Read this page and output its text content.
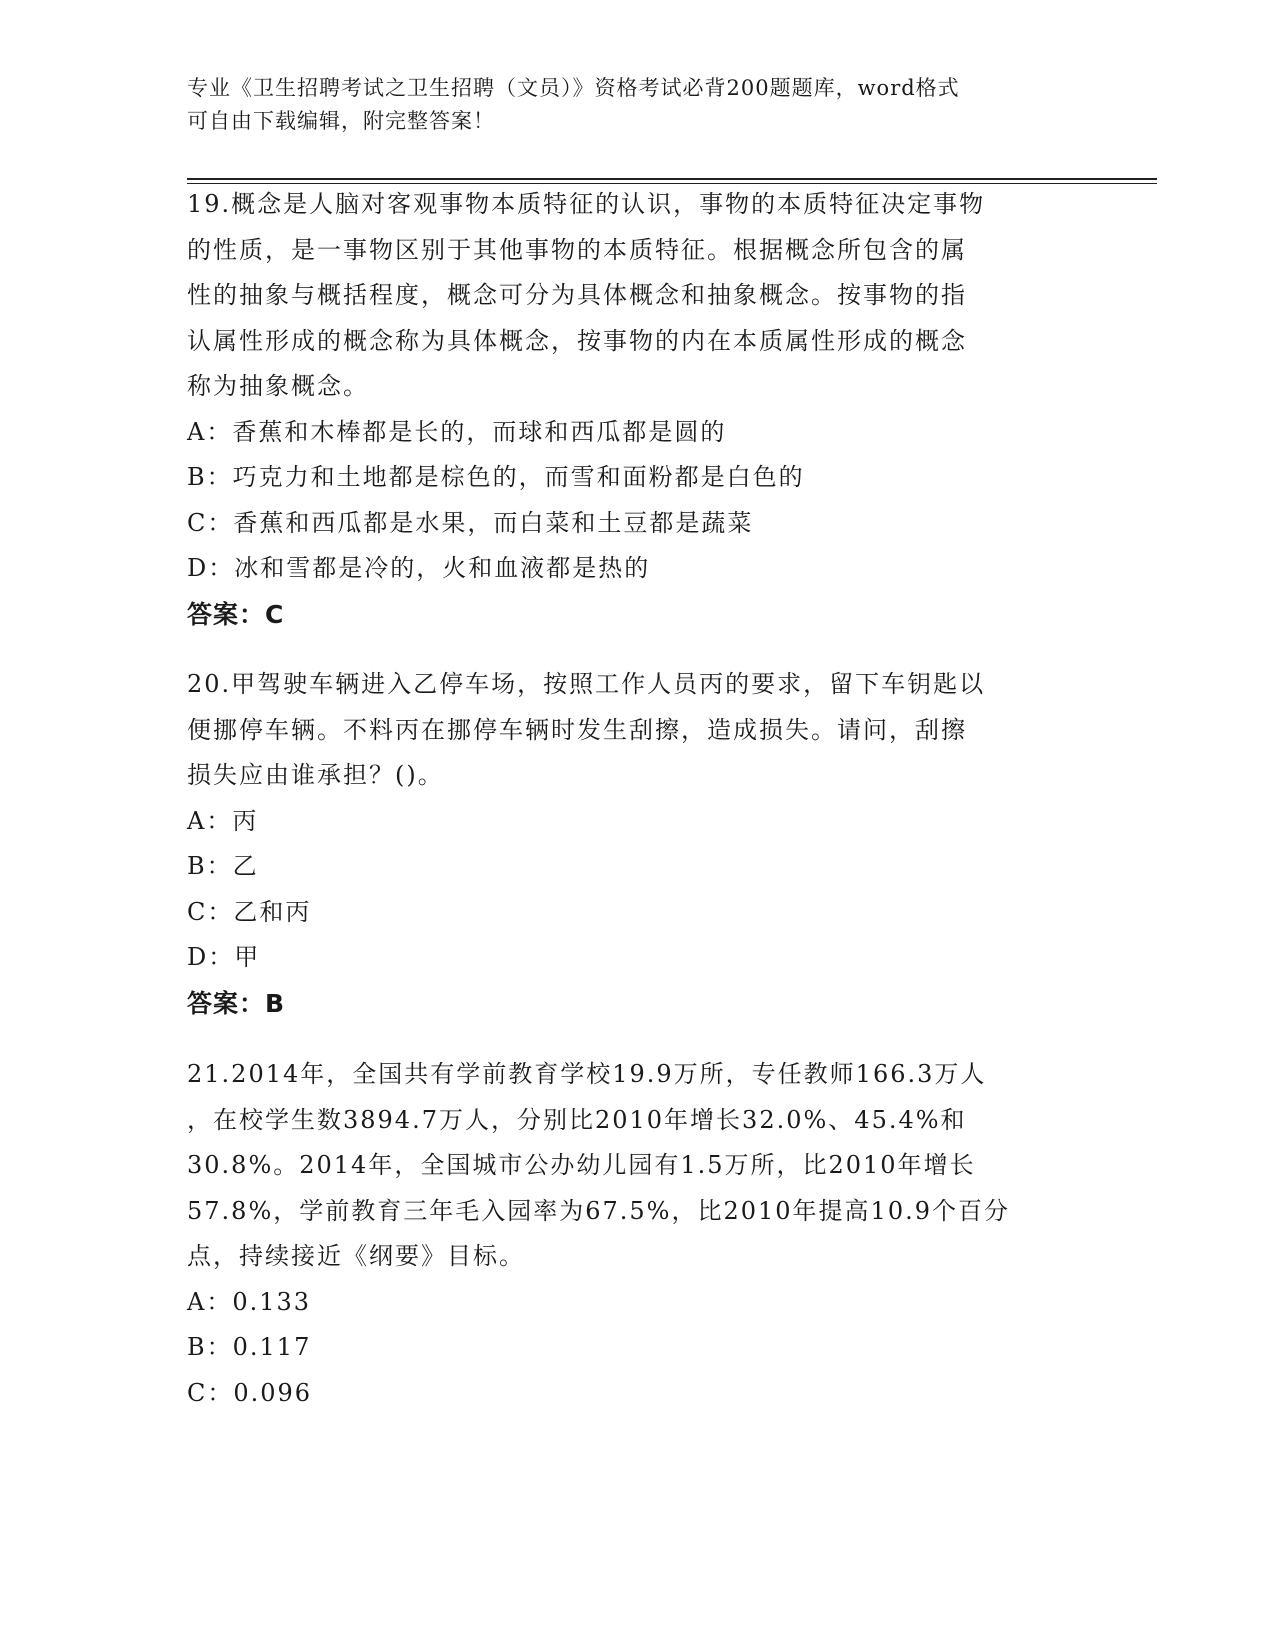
专业《卫生招聘考试之卫生招聘（文员）》资格考试必背200题题库，word格式
可自由下载编辑，附完整答案！

19.概念是人脑对客观事物本质特征的认识，事物的本质特征决定事物

的性质，是一事物区别于其他事物的本质特征。根据概念所包含的属

性的抽象与概括程度，概念可分为具体概念和抽象概念。按事物的指

认属性形成的概念称为具体概念，按事物的内在本质属性形成的概念

称为抽象概念。

A：香蕉和木棒都是长的，而球和西瓜都是圆的

B：巧克力和土地都是棕色的，而雪和面粉都是白色的

C：香蕉和西瓜都是水果，而白菜和土豆都是蔬菜

D：冰和雪都是冷的，火和血液都是热的

答案：C

20.甲驾驶车辆进入乙停车场，按照工作人员丙的要求，留下车钥匙以

便挪停车辆。不料丙在挪停车辆时发生刮擦，造成损失。请问，刮擦

损失应由谁承担？()。

A：丙

B：乙

C：乙和丙

D：甲

答案：B

21.2014年，全国共有学前教育学校19.9万所，专任教师166.3万人

，在校学生数3894.7万人，分别比2010年增长32.0%、45.4%和

30.8%。2014年，全国城市公办幼儿园有1.5万所，比2010年增长

57.8%，学前教育三年毛入园率为67.5%，比2010年提高10.9个百分

点，持续接近《纲要》目标。

A：0.133

B：0.117

C：0.096
